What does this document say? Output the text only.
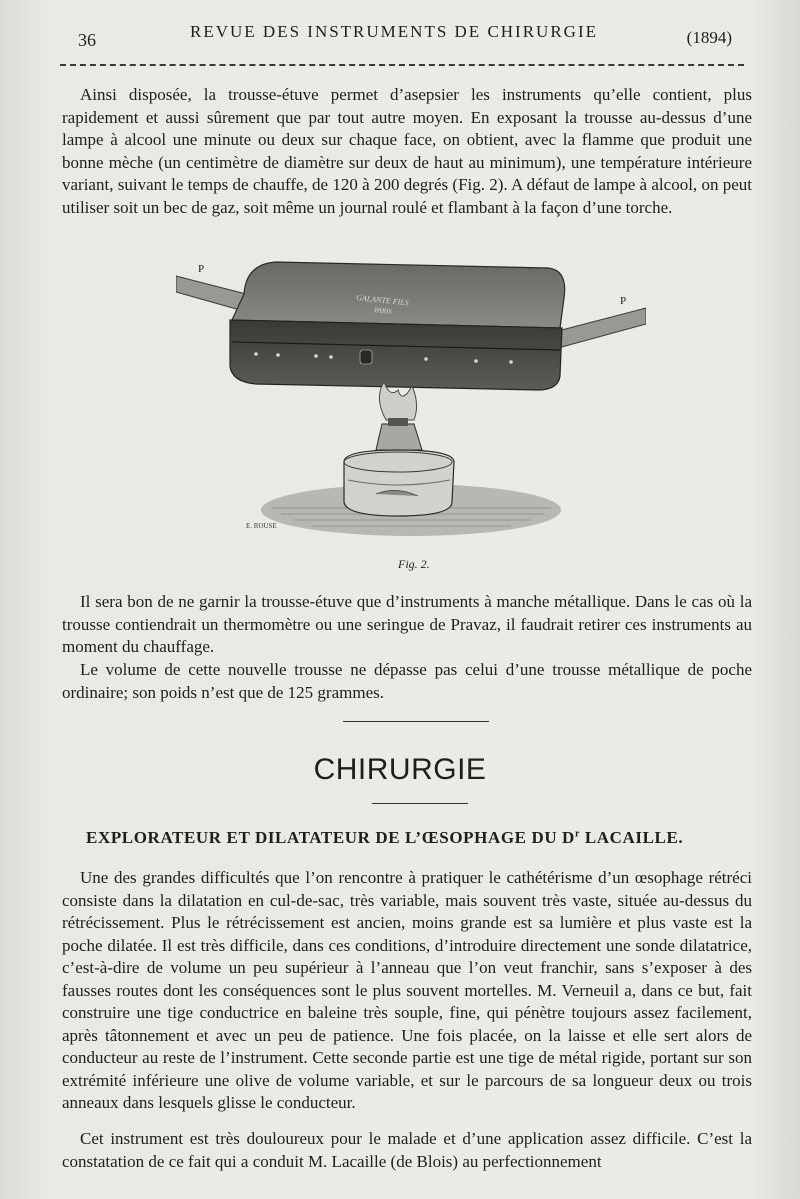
36	REVUE DES INSTRUMENTS DE CHIRURGIE	(1894)

Ainsi disposée, la trousse-étuve permet d’asepsier les instruments qu’elle contient, plus rapidement et aussi sûrement que par tout autre moyen. En exposant la trousse au-dessus d’une lampe à alcool une minute ou deux sur chaque face, on obtient, avec la flamme que produit une bonne mèche (un centimètre de diamètre sur deux de haut au minimum), une température intérieure variant, suivant le temps de chauffe, de 120 à 200 degrés (Fig. 2). A défaut de lampe à alcool, on peut utiliser soit un bec de gaz, soit même un journal roulé et flambant à la façon d’une torche.

GALANTE FILS
PARIS
P
P
E. ROUSE
Fig. 2.

Il sera bon de ne garnir la trousse-étuve que d’instruments à manche métallique. Dans le cas où la trousse contiendrait un thermomètre ou une seringue de Pravaz, il faudrait retirer ces instruments au moment du chauffage.

Le volume de cette nouvelle trousse ne dépasse pas celui d’une trousse métallique de poche ordinaire; son poids n’est que de 125 grammes.

CHIRURGIE
EXPLORATEUR ET DILATATEUR DE L’ŒSOPHAGE DU $D^r$ LACAILLE.

Une des grandes difficultés que l’on rencontre à pratiquer le cathétérisme d’un œsophage rétréci consiste dans la dilatation en cul-de-sac, très variable, mais souvent très vaste, située au-dessus du rétrécissement. Plus le rétrécissement est ancien, moins grande est sa lumière et plus vaste est la poche dilatée. Il est très difficile, dans ces conditions, d’introduire directement une sonde dilatatrice, c’est-à-dire de volume un peu supérieur à l’anneau que l’on veut franchir, sans s’exposer à des fausses routes dont les conséquences sont le plus souvent mortelles. M. Verneuil a, dans ce but, fait construire une tige conductrice en baleine très souple, fine, qui pénètre toujours assez facilement, après tâtonnement et avec un peu de patience. Une fois placée, on la laisse et elle sert alors de conducteur au reste de l’instrument. Cette seconde partie est une tige de métal rigide, portant sur son extrémité inférieure une olive de volume variable, et sur le parcours de sa longueur deux ou trois anneaux dans lesquels glisse le conducteur.

Cet instrument est très douloureux pour le malade et d’une application assez difficile. C’est la constatation de ce fait qui a conduit M. Lacaille (de Blois) au perfectionnement
